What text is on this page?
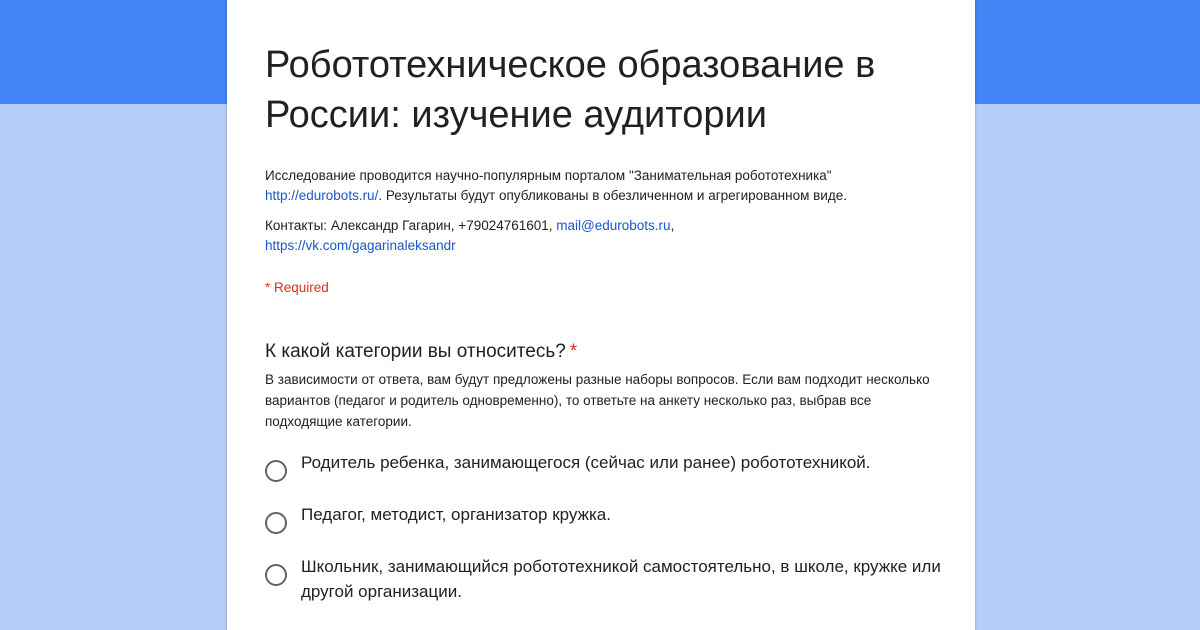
Робототехническое образование в России: изучение аудитории

Исследование проводится научно-популярным порталом "Занимательная робототехника" http://edurobots.ru/. Результаты будут опубликованы в обезличенном и агрегированном виде.

Контакты: Александр Гагарин, +79024761601, mail@edurobots.ru,
https://vk.com/gagarinaleksandr

* Required
К какой категории вы относитесь? *
В зависимости от ответа, вам будут предложены разные наборы вопросов. Если вам подходит несколько вариантов (педагог и родитель одновременно), то ответьте на анкету несколько раз, выбрав все подходящие категории.
Родитель ребенка, занимающегося (сейчас или ранее) робототехникой.
Педагог, методист, организатор кружка.
Школьник, занимающийся робототехникой самостоятельно, в школе, кружке или другой организации.
